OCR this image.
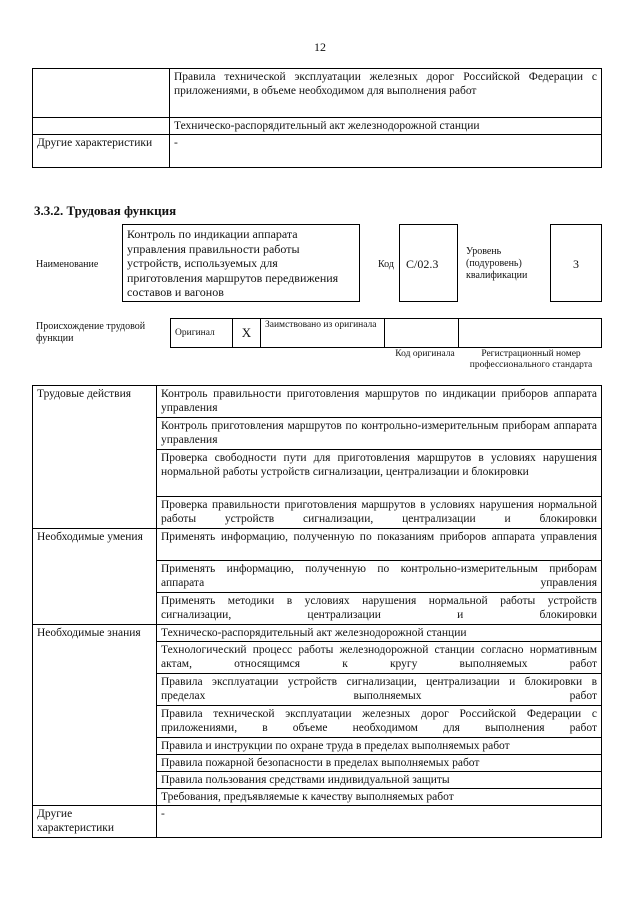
12
	Правила технической эксплуатации железных дорог Российской Федерации с приложениями, в объеме необходимом для выполнения работ
	Техническо-распорядительный акт железнодорожной станции
Другие характеристики	-
3.3.2. Трудовая функция
Наименование
Контроль по индикации аппарата управления правильности работы устройств, используемых для приготовления маршрутов передвижения составов и вагонов
Код	C/02.3
Уровень (подуровень) квалификации
3
Происхождение трудовой функции
Оригинал	X	Заимствовано из оригинала		
Код оригинала	Регистрационный номер профессионального стандарта
Трудовые действия	Контроль правильности приготовления маршрутов по индикации приборов аппарата управления
	Контроль приготовления маршрутов по контрольно-измерительным приборам аппарата управления
	Проверка свободности пути для приготовления маршрутов в условиях нарушения нормальной работы устройств сигнализации, централизации и блокировки
	Проверка правильности приготовления маршрутов в условиях нарушения нормальной работы устройств сигнализации, централизации и блокировки
Необходимые умения	Применять информацию, полученную по показаниям приборов аппарата управления
	Применять информацию, полученную по контрольно-измерительным приборам аппарата управления
	Применять методики в условиях нарушения нормальной работы устройств сигнализации, централизации и блокировки
Необходимые знания	Техническо-распорядительный акт железнодорожной станции
	Технологический процесс работы железнодорожной станции согласно нормативным актам, относящимся к кругу выполняемых работ
	Правила эксплуатации устройств сигнализации, централизации и блокировки в пределах выполняемых работ
	Правила технической эксплуатации железных дорог Российской Федерации с приложениями, в объеме необходимом для выполнения работ
	Правила и инструкции по охране труда в пределах выполняемых работ
	Правила пожарной безопасности в пределах выполняемых работ
	Правила пользования средствами индивидуальной защиты
	Требования, предъявляемые к качеству выполняемых работ
Другие характеристики	-
